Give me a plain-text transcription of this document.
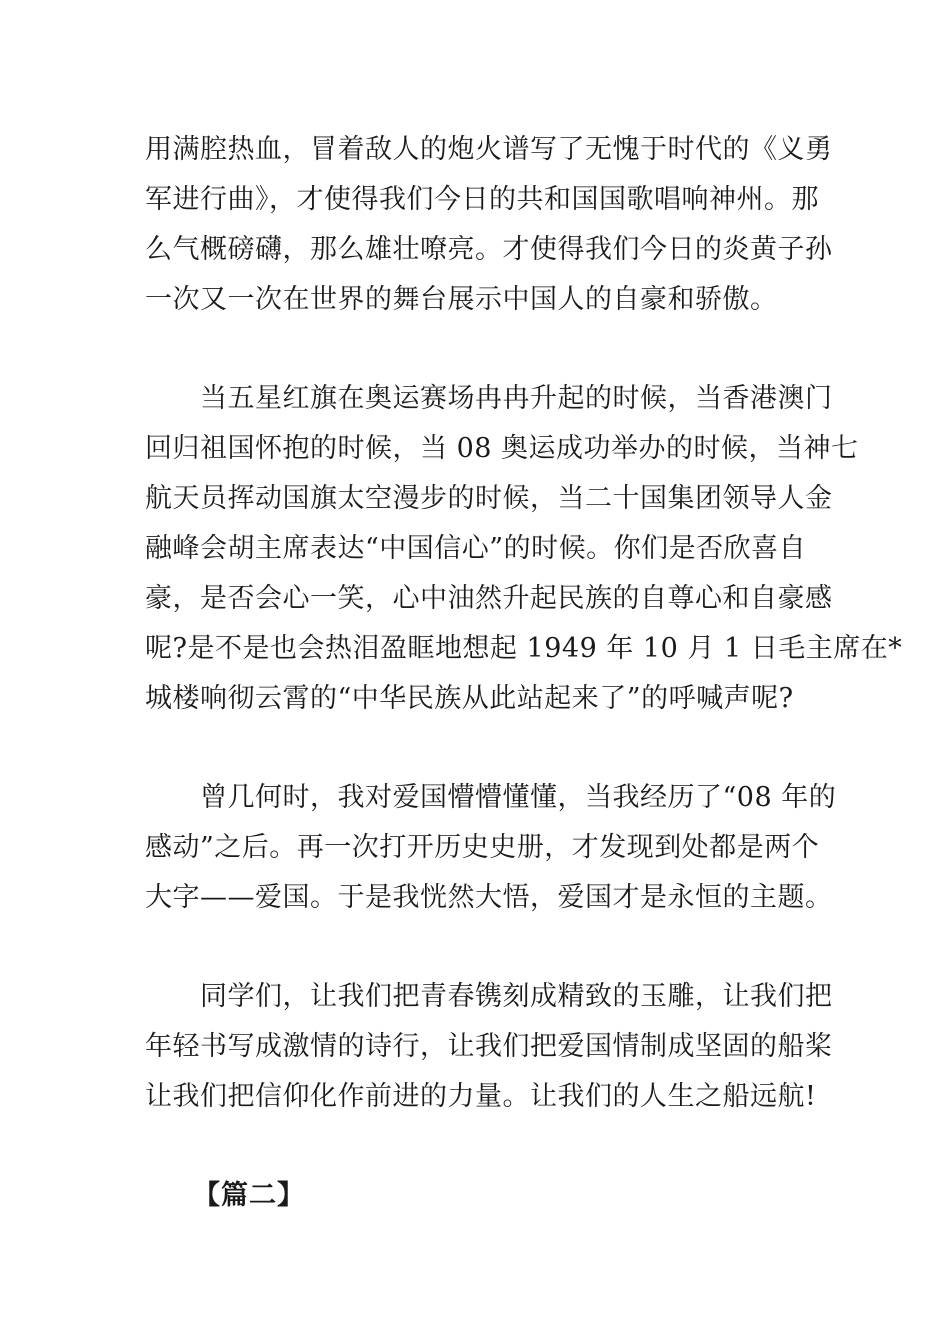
用满腔热血，冒着敌人的炮火谱写了无愧于时代的《义勇
军进行曲》，才使得我们今日的共和国国歌唱响神州。那
么气概磅礴，那么雄壮嘹亮。才使得我们今日的炎黄子孙
一次又一次在世界的舞台展示中国人的自豪和骄傲。
当五星红旗在奥运赛场冉冉升起的时候，当香港澳门
回归祖国怀抱的时候，当 08 奥运成功举办的时候，当神七
航天员挥动国旗太空漫步的时候，当二十国集团领导人金
融峰会胡主席表达“中国信心”的时候。你们是否欣喜自
豪，是否会心一笑，心中油然升起民族的自尊心和自豪感
呢?是不是也会热泪盈眶地想起 1949 年 10 月 1 日毛主席在*
城楼响彻云霄的“中华民族从此站起来了”的呼喊声呢?
曾几何时，我对爱国懵懵懂懂，当我经历了“08 年的
感动”之后。再一次打开历史史册，才发现到处都是两个
大字——爱国。于是我恍然大悟，爱国才是永恒的主题。
同学们，让我们把青春镌刻成精致的玉雕，让我们把
年轻书写成激情的诗行，让我们把爱国情制成坚固的船桨
让我们把信仰化作前进的力量。让我们的人生之船远航!
【篇二】
